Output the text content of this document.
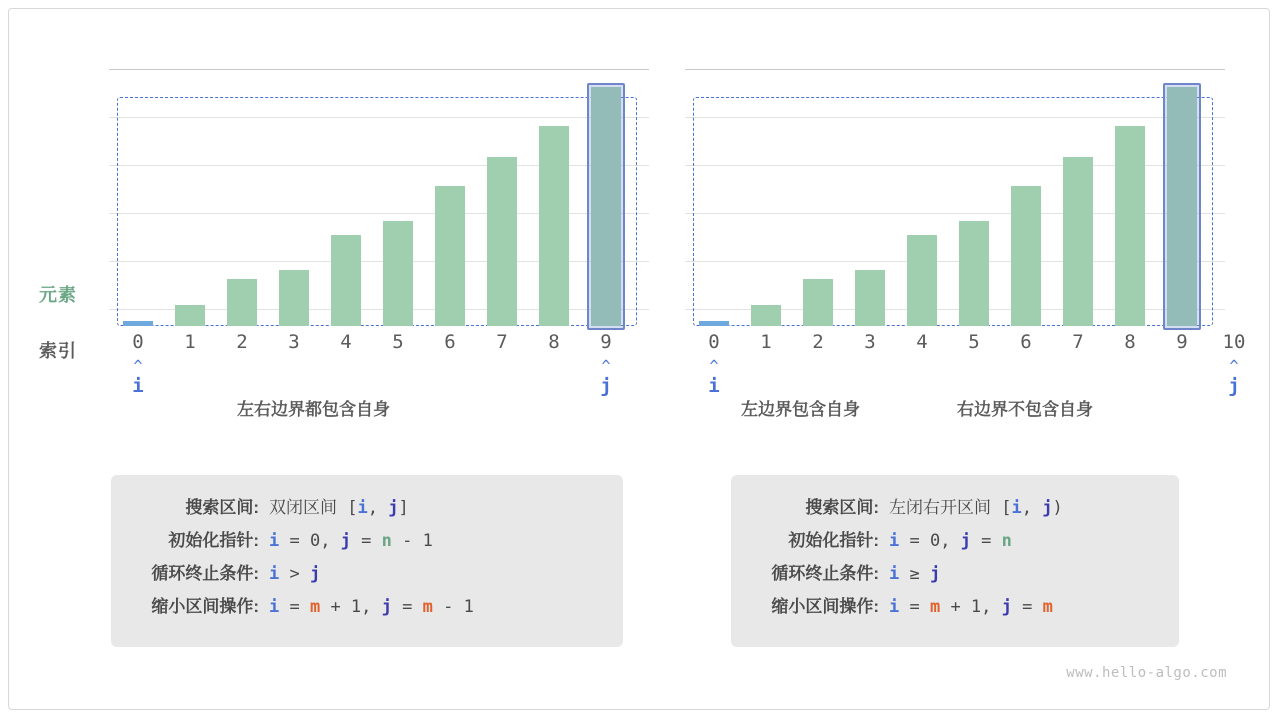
元素
索引	0	1	2	3	4	5	6	7	8	9
^	^
i	j
左右边界都包含自身
0	1	2	3	4	5	6	7	8	9	10
^	^
i	j
左边界包含自身	右边界不包含自身
搜索区间: 双闭区间 [i, j]
初始化指针: i = 0, j = n - 1
循环终止条件: i > j
缩小区间操作: i = m + 1, j = m - 1
搜索区间: 左闭右开区间 [i, j)
初始化指针: i = 0, j = n
循环终止条件: i ≥ j
缩小区间操作: i = m + 1, j = m
www.hello-algo.com
